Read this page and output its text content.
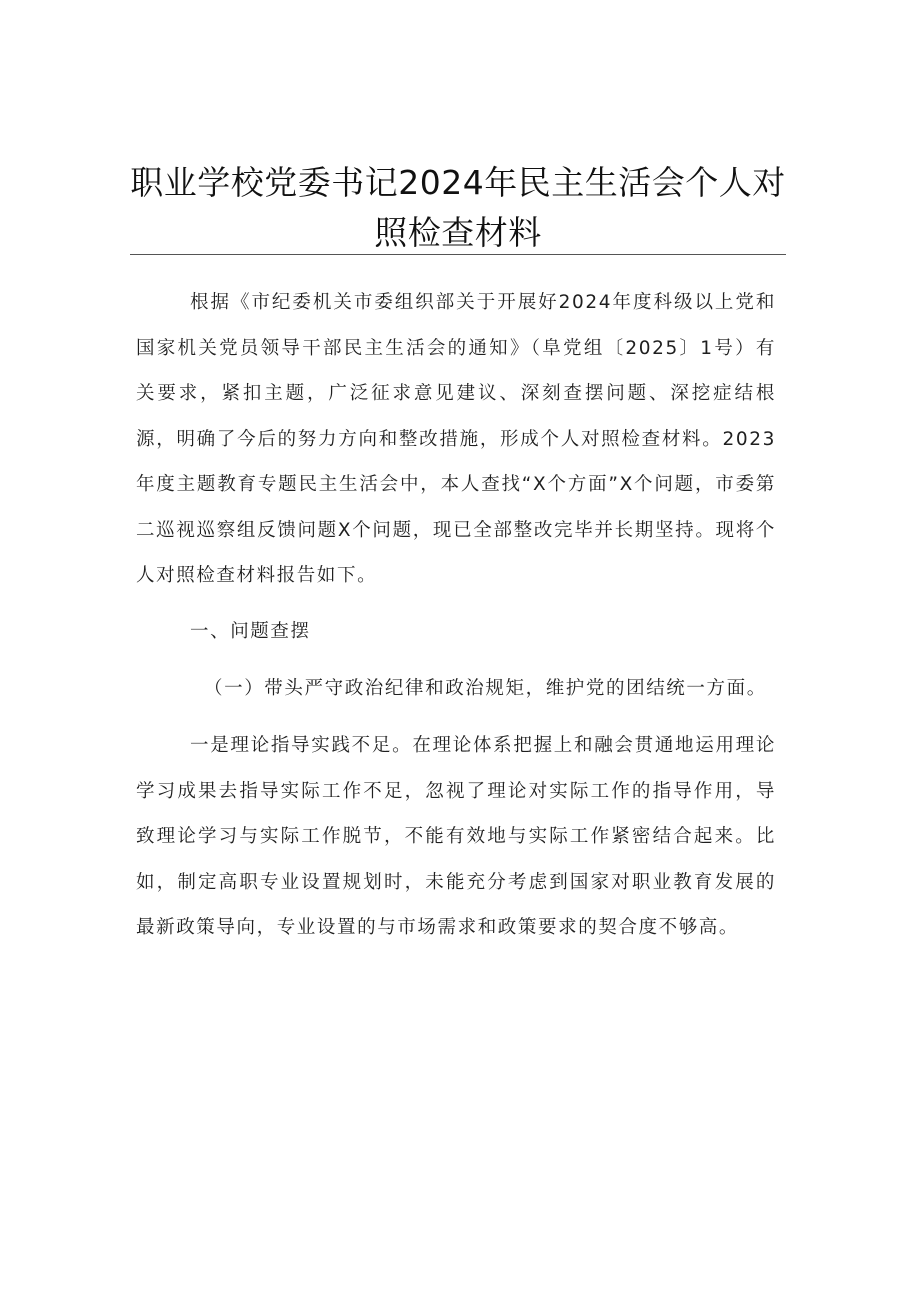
职业学校党委书记2024年民主生活会个人对
照检查材料

根据《市纪委机关市委组织部关于开展好2024年度科级以上党和国家机关党员领导干部民主生活会的通知》（阜党组〔2025〕1号）有关要求，紧扣主题，广泛征求意见建议、深刻查摆问题、深挖症结根源，明确了今后的努力方向和整改措施，形成个人对照检查材料。2023年度主题教育专题民主生活会中，本人查找“X个方面”X个问题，市委第二巡视巡察组反馈问题X个问题，现已全部整改完毕并长期坚持。现将个人对照检查材料报告如下。

一、问题查摆

（一）带头严守政治纪律和政治规矩，维护党的团结统一方面。

一是理论指导实践不足。在理论体系把握上和融会贯通地运用理论学习成果去指导实际工作不足，忽视了理论对实际工作的指导作用，导致理论学习与实际工作脱节，不能有效地与实际工作紧密结合起来。比如，制定高职专业设置规划时，未能充分考虑到国家对职业教育发展的最新政策导向，专业设置的与市场需求和政策要求的契合度不够高。
